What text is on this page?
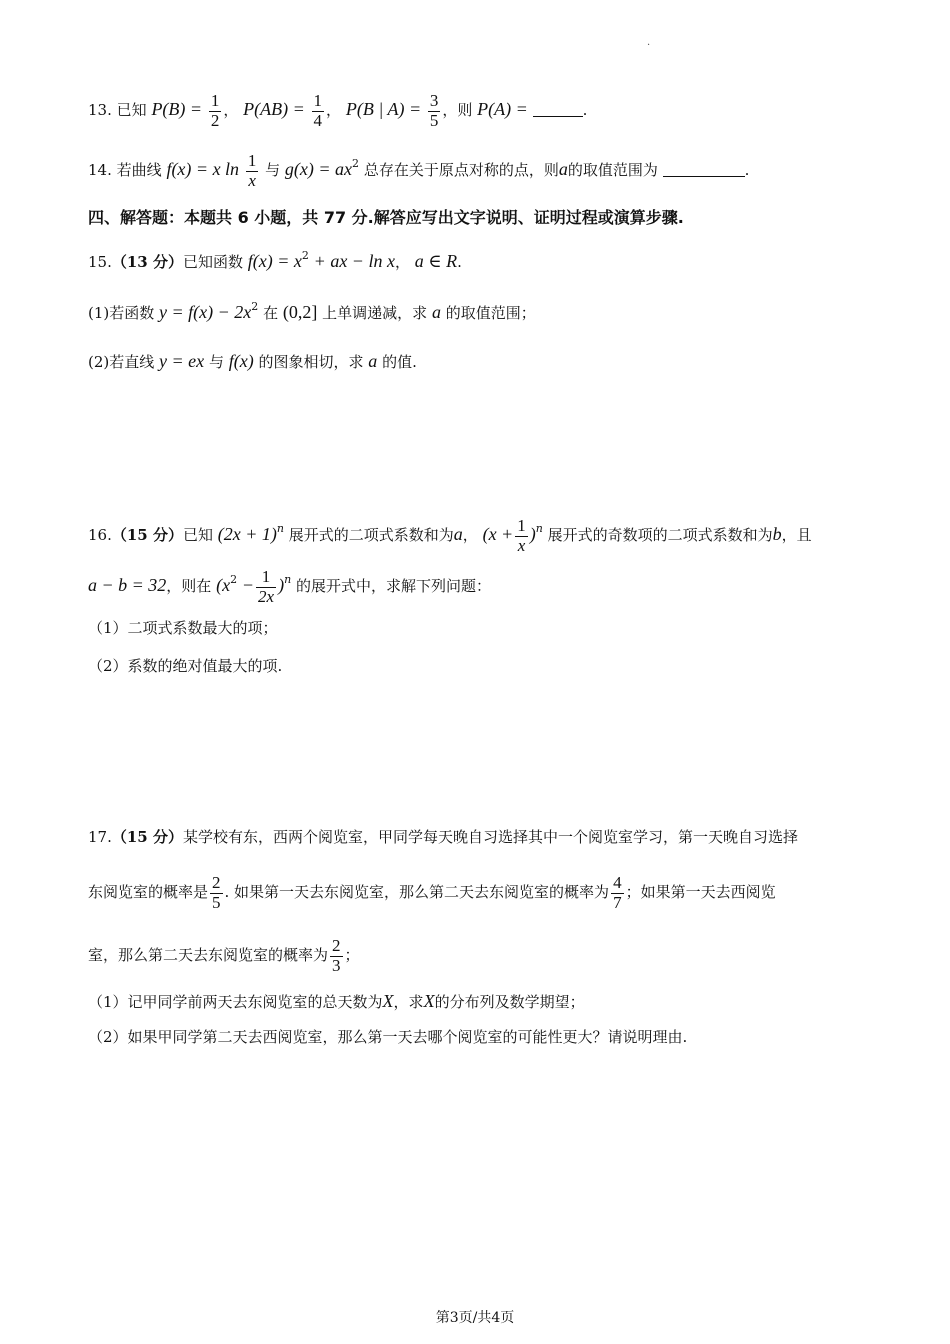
·
13. 已知 $P(B) = \frac{1}{2}$ ， $P(AB) = \frac{1}{4}$ ， P(B | $A) = \frac{3}{5}$ ，则 P(A) =	.
14. 若曲线 f(x) = x $\ln \frac{1}{x}$ 与 $g(x) = ax^2$ 总存在关于原点对称的点，则a的取值范围为	.
四、解答题：本题共 6 小题，共 77 分.解答应写出文字说明、证明过程或演算步骤.
15.（13 分）已知函数 $f(x) = x^2$ + ax − ln x， a ∈ R.
(1)若函数 $y = f(x) - 2x^2$ 在 (0,2] 上单调递减，求 a 的取值范围；
(2)若直线 y = ex 与 f(x) 的图象相切，求 a 的值.
16.（15 分）已知 $(2x + 1)^n$ 展开式的二项式系数和为a， $(x + \frac{1}{x} )^n$ 展开式的奇数项的二项式系数和为b，且
a − b = 32，则在 $(x^2 - \frac{1}{2x} )^n$ 的展开式中，求解下列问题：
（1）二项式系数最大的项；
（2）系数的绝对值最大的项.
17.（15 分）某学校有东，西两个阅览室，甲同学每天晚自习选择其中一个阅览室学习，第一天晚自习选择
东阅览室的概率是 $\frac{2}{5}$ . 如果第一天去东阅览室，那么第二天去东阅览室的概率为 $\frac{4}{7}$ ；如果第一天去西阅览
室，那么第二天去东阅览室的概率为 $\frac{2}{3}$ ；
（1）记甲同学前两天去东阅览室的总天数为X，求X的分布列及数学期望；
（2）如果甲同学第二天去西阅览室，那么第一天去哪个阅览室的可能性更大？请说明理由.
第3页/共4页
